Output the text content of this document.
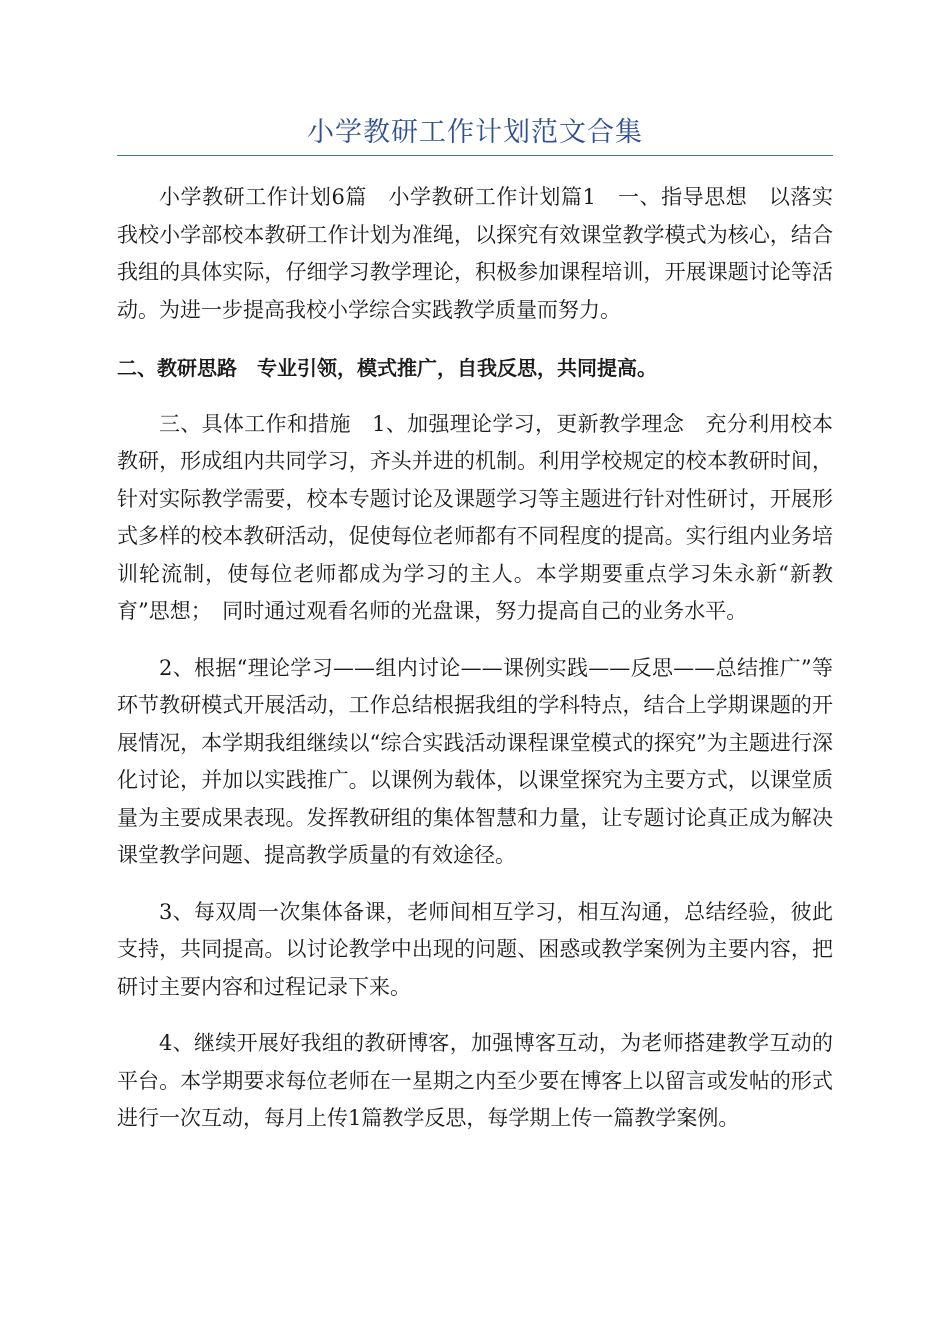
小学教研工作计划范文合集

小学教研工作计划6篇　小学教研工作计划篇1　一、指导思想　以落实我校小学部校本教研工作计划为准绳，以探究有效课堂教学模式为核心，结合我组的具体实际，仔细学习教学理论，积极参加课程培训，开展课题讨论等活动。为进一步提高我校小学综合实践教学质量而努力。

二、教研思路　专业引领，模式推广，自我反思，共同提高。

三、具体工作和措施　1、加强理论学习，更新教学理念　充分利用校本教研，形成组内共同学习，齐头并进的机制。利用学校规定的校本教研时间，针对实际教学需要，校本专题讨论及课题学习等主题进行针对性研讨，开展形式多样的校本教研活动，促使每位老师都有不同程度的提高。实行组内业务培训轮流制，使每位老师都成为学习的主人。本学期要重点学习朱永新“新教育”思想；　同时通过观看名师的光盘课，努力提高自己的业务水平。

2、根据“理论学习——组内讨论——课例实践——反思——总结推广”等环节教研模式开展活动，工作总结根据我组的学科特点，结合上学期课题的开展情况，本学期我组继续以“综合实践活动课程课堂模式的探究”为主题进行深化讨论，并加以实践推广。以课例为载体，以课堂探究为主要方式，以课堂质量为主要成果表现。发挥教研组的集体智慧和力量，让专题讨论真正成为解决课堂教学问题、提高教学质量的有效途径。

3、每双周一次集体备课，老师间相互学习，相互沟通，总结经验，彼此支持，共同提高。以讨论教学中出现的问题、困惑或教学案例为主要内容，把研讨主要内容和过程记录下来。

4、继续开展好我组的教研博客，加强博客互动，为老师搭建教学互动的平台。本学期要求每位老师在一星期之内至少要在博客上以留言或发帖的形式进行一次互动，每月上传1篇教学反思，每学期上传一篇教学案例。
